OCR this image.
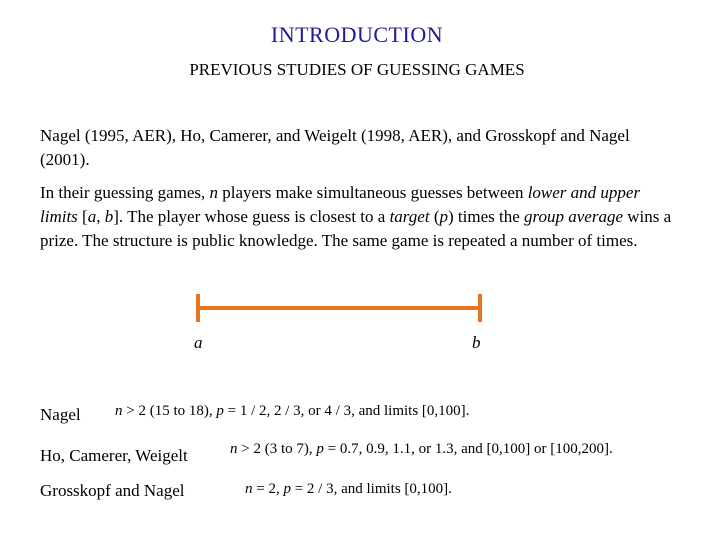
INTRODUCTION
PREVIOUS STUDIES OF GUESSING GAMES
Nagel (1995, AER), Ho, Camerer, and Weigelt (1998, AER), and Grosskopf and Nagel (2001).
In their guessing games, n players make simultaneous guesses between lower and upper limits [a, b]. The player whose guess is closest to a target (p) times the group average wins a prize. The structure is public knowledge. The same game is repeated a number of times.
a	b
Nagel n > 2 (15 to 18), p = 1 / 2, 2 / 3, or 4 / 3, and limits [0,100].
Ho, Camerer, Weigelt	n > 2 (3 to 7), p = 0.7, 0.9, 1.1, or 1.3, and [0,100] or [100,200].
Grosskopf and Nagel	n = 2, p = 2 / 3, and limits [0,100].
